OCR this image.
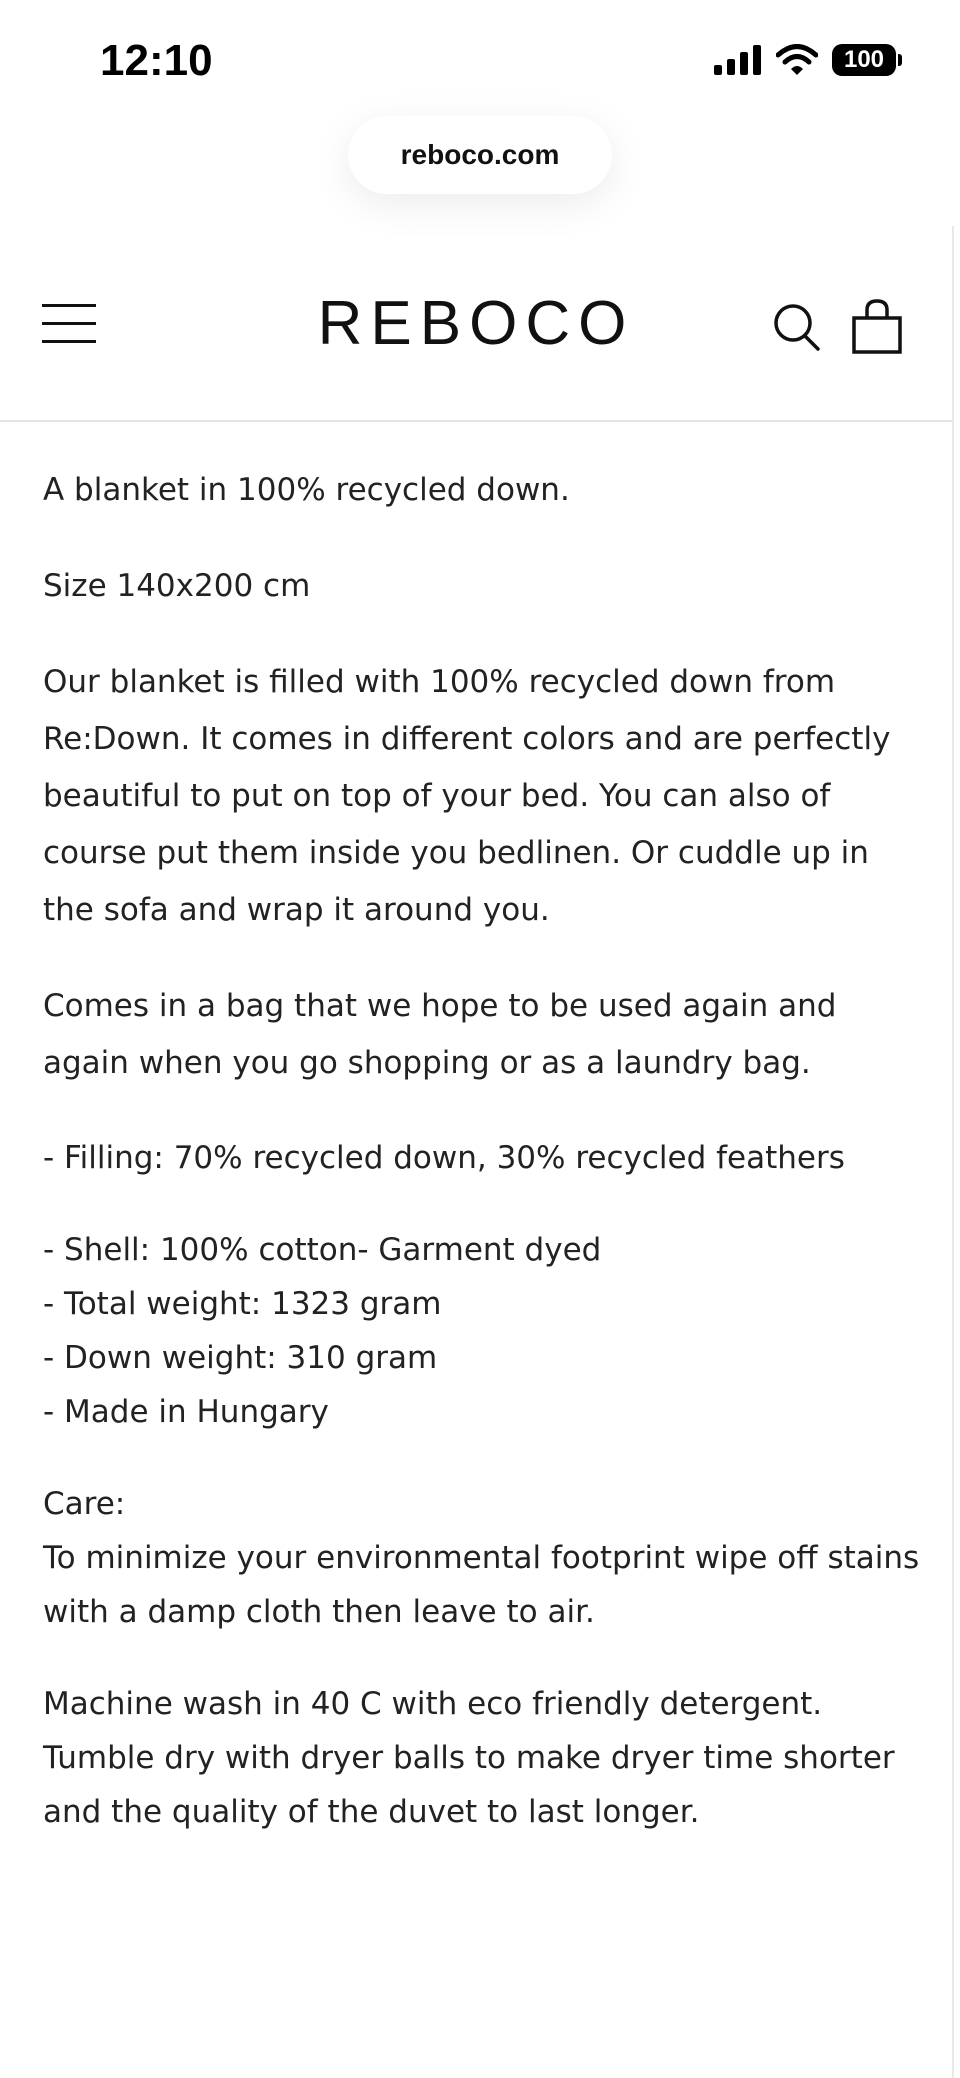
12:10	100
reboco.com
REBOCO

A blanket in 100% recycled down.

Size 140x200 cm

Our blanket is filled with 100% recycled down from Re:Down. It comes in different colors and are perfectly beautiful to put on top of your bed. You can also of course put them inside you bedlinen. Or cuddle up in the sofa and wrap it around you.

Comes in a bag that we hope to be used again and again when you go shopping or as a laundry bag.

- Filling: 70% recycled down, 30% recycled feathers

- Shell: 100% cotton- Garment dyed
- Total weight: 1323 gram
- Down weight: 310 gram
- Made in Hungary

Care:
To minimize your environmental footprint wipe off stains with a damp cloth then leave to air.

Machine wash in 40 C with eco friendly detergent. Tumble dry with dryer balls to make dryer time shorter and the quality of the duvet to last longer.
